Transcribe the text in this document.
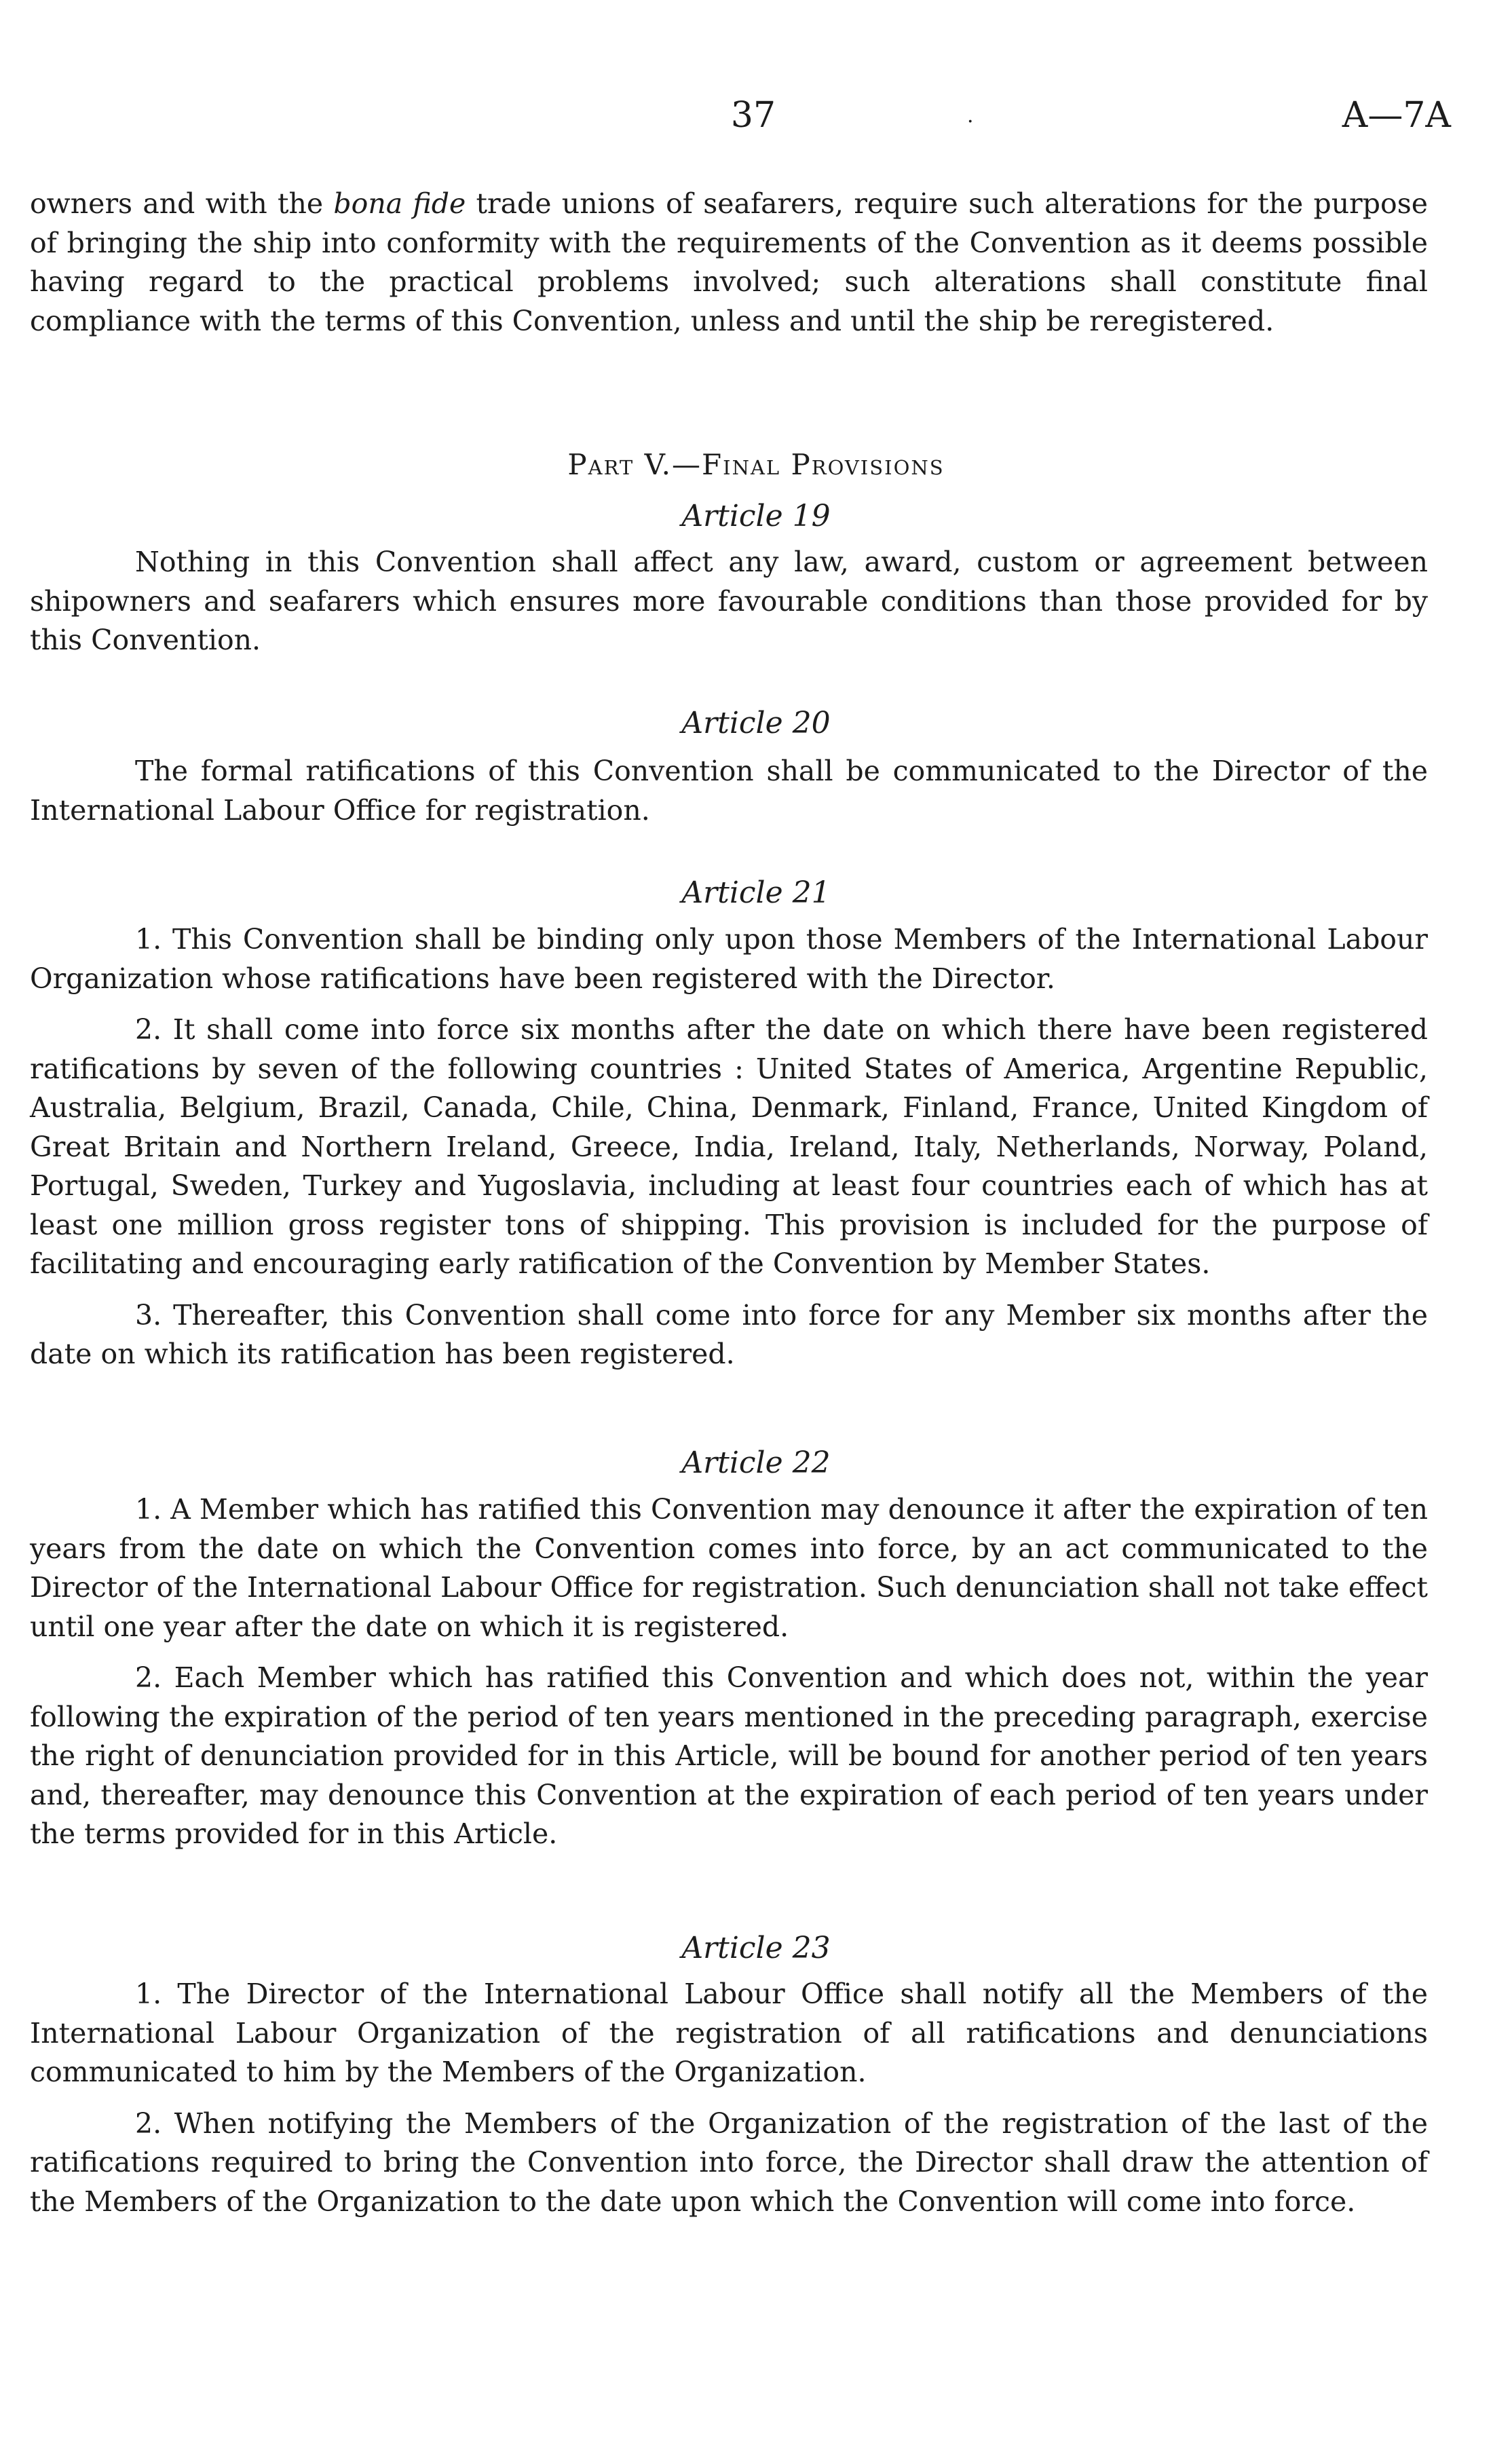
37	·	A—7A

owners and with the bona fide trade unions of seafarers, require such alterations for the purpose of bringing the ship into conformity with the requirements of the Convention as it deems possible having regard to the practical problems involved; such alterations shall constitute final compliance with the terms of this Convention, unless and until the ship be reregistered.

Part V.—Final Provisions
Article 19

Nothing in this Convention shall affect any law, award, custom or agreement between shipowners and seafarers which ensures more favourable conditions than those provided for by this Convention.

Article 20

The formal ratifications of this Convention shall be communicated to the Director of the International Labour Office for registration.

Article 21

1. This Convention shall be binding only upon those Members of the International Labour Organization whose ratifications have been registered with the Director.

2. It shall come into force six months after the date on which there have been registered ratifications by seven of the following countries : United States of America, Argentine Republic, Australia, Belgium, Brazil, Canada, Chile, China, Denmark, Finland, France, United Kingdom of Great Britain and Northern Ireland, Greece, India, Ireland, Italy, Netherlands, Norway, Poland, Portugal, Sweden, Turkey and Yugoslavia, including at least four countries each of which has at least one million gross register tons of shipping. This provision is included for the purpose of facilitating and encouraging early ratification of the Convention by Member States.

3. Thereafter, this Convention shall come into force for any Member six months after the date on which its ratification has been registered.

Article 22

1. A Member which has ratified this Convention may denounce it after the expiration of ten years from the date on which the Convention comes into force, by an act communicated to the Director of the International Labour Office for registration. Such denunciation shall not take effect until one year after the date on which it is registered.

2. Each Member which has ratified this Convention and which does not, within the year following the expiration of the period of ten years mentioned in the preceding paragraph, exercise the right of denunciation provided for in this Article, will be bound for another period of ten years and, thereafter, may denounce this Convention at the expiration of each period of ten years under the terms provided for in this Article.

Article 23

1. The Director of the International Labour Office shall notify all the Members of the International Labour Organization of the registration of all ratifications and denunciations communicated to him by the Members of the Organization.

2. When notifying the Members of the Organization of the registration of the last of the ratifications required to bring the Convention into force, the Director shall draw the attention of the Members of the Organization to the date upon which the Convention will come into force.
